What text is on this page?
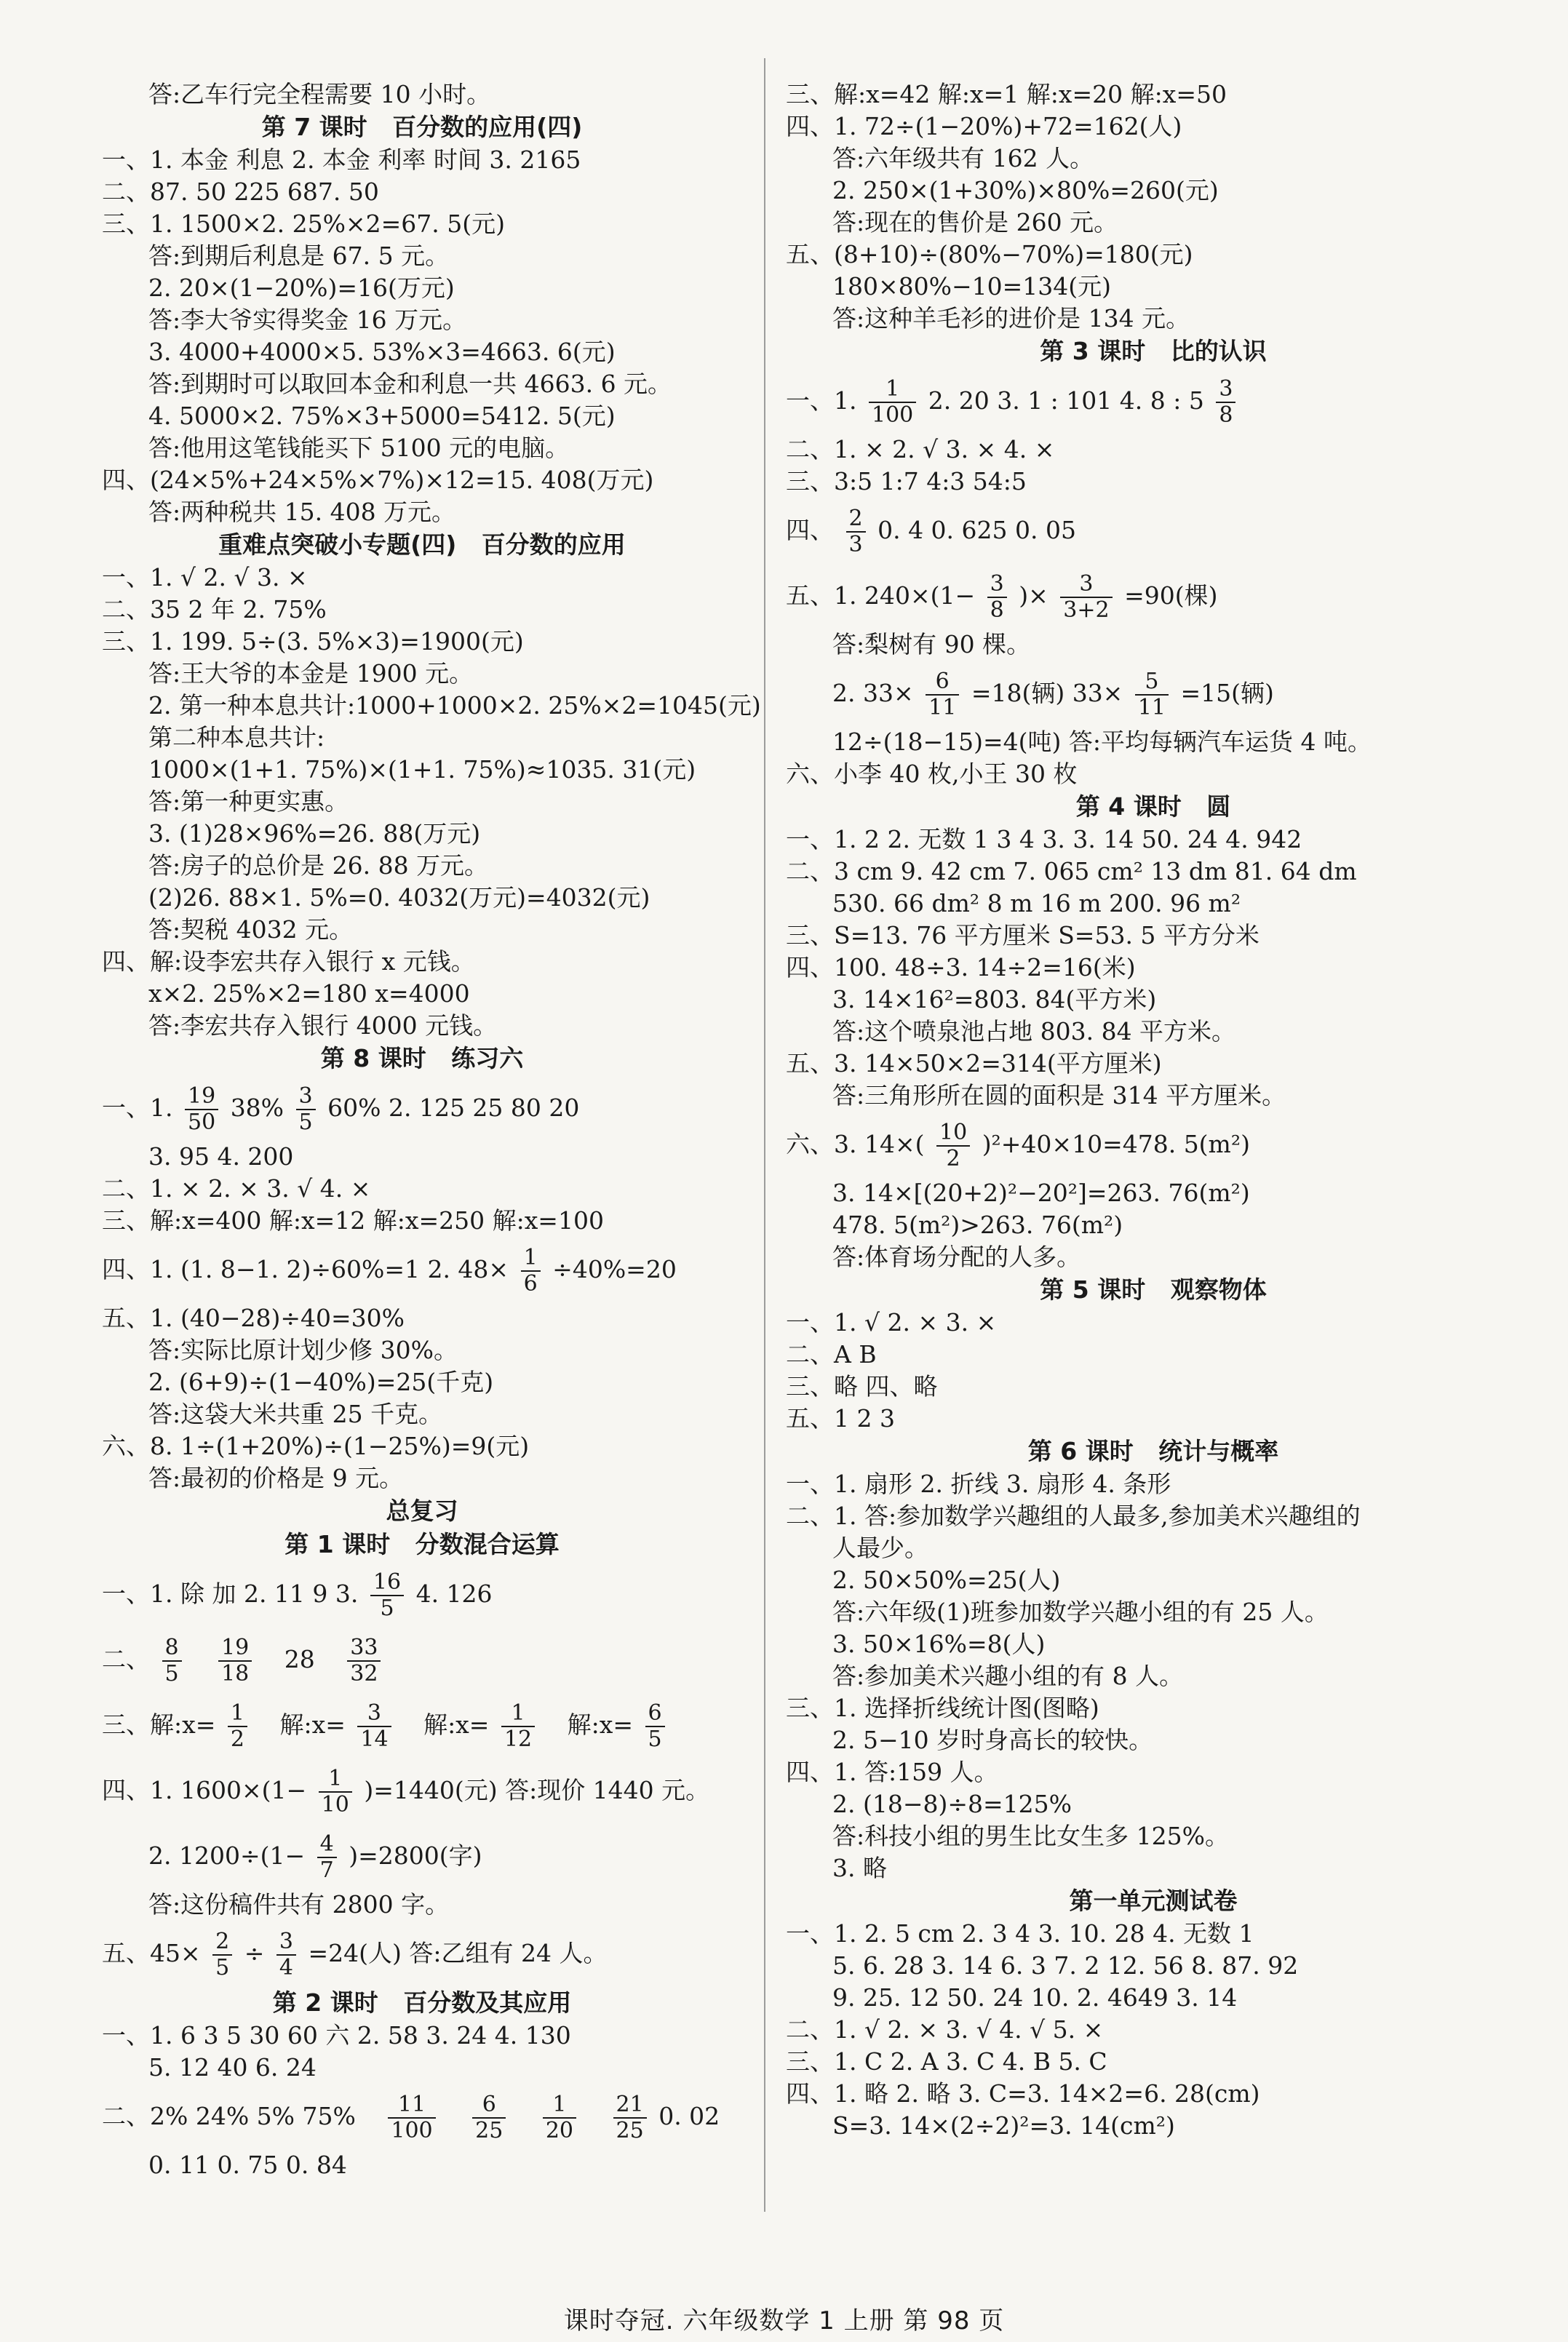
答:乙车行完全程需要 10 小时。
第 7 课时   百分数的应用(四)
一、1. 本金 利息 2. 本金 利率 时间 3. 2165
二、87. 50 225 687. 50
三、1. 1500×2. 25%×2=67. 5(元)
答:到期后利息是 67. 5 元。
2. 20×(1−20%)=16(万元)
答:李大爷实得奖金 16 万元。
3. 4000+4000×5. 53%×3=4663. 6(元)
答:到期时可以取回本金和利息一共 4663. 6 元。
4. 5000×2. 75%×3+5000=5412. 5(元)
答:他用这笔钱能买下 5100 元的电脑。
四、(24×5%+24×5%×7%)×12=15. 408(万元)
答:两种税共 15. 408 万元。
重难点突破小专题(四)   百分数的应用
一、1. √ 2. √ 3. ×
二、35 2 年 2. 75%
三、1. 199. 5÷(3. 5%×3)=1900(元)
答:王大爷的本金是 1900 元。
2. 第一种本息共计:1000+1000×2. 25%×2=1045(元)
第二种本息共计:
1000×(1+1. 75%)×(1+1. 75%)≈1035. 31(元)
答:第一种更实惠。
3. (1)28×96%=26. 88(万元)
答:房子的总价是 26. 88 万元。
(2)26. 88×1. 5%=0. 4032(万元)=4032(元)
答:契税 4032 元。
四、解:设李宏共存入银行 x 元钱。
x×2. 25%×2=180 x=4000
答:李宏共存入银行 4000 元钱。
第 8 课时   练习六
一、1. $\frac{19}{50} 38\% \frac{3}{5} 60\%$ 2. 125 25 80 20
3. 95 4. 200
二、1. × 2. × 3. √ 4. ×
三、解:x=400 解:x=12 解:x=250 解:x=100
四、1. (1. 8−1. 2)÷60%=1 2. $48\times \frac{1}{6} \div 40\%=20$
五、1. (40−28)÷40=30%
答:实际比原计划少修 30%。
2. (6+9)÷(1−40%)=25(千克)
答:这袋大米共重 25 千克。
六、8. 1÷(1+20%)÷(1−25%)=9(元)
答:最初的价格是 9 元。
总复习
第 1 课时   分数混合运算
一、1. 除 加 2. 11 9 3. $\frac{16}{5} 4$. 126
二、 $\frac{8}{5}$
$\frac{19}{18} 28 \frac{33}{32}$
三、解:x= $\frac{1}{2}$ 解:x= $\frac{3}{14}$ 解:x= $\frac{1}{12}$ 解:x= $\frac{6}{5}$
四、1. $1600\times(1- \frac{1}{10} )=1440$(元) 答:现价 1440 元。
2. $1200\div(1- \frac{4}{7} )=2800$(字)
答:这份稿件共有 2800 字。
五、$45\times \frac{2}{5} \div \frac{3}{4} =24$(人) 答:乙组有 24 人。
第 2 课时   百分数及其应用
一、1. 6 3 5 30 60 六 2. 58 3. 24 4. 130
5. 12 40 6. 24
二、2% 24% 5% $75\% \frac{11}{100}$
$\frac{6}{25}$
$\frac{1}{20}$
$\frac{21}{25} 0$. 02
0. 11 0. 75 0. 84
三、解:x=42 解:x=1 解:x=20 解:x=50
四、1. 72÷(1−20%)+72=162(人)
答:六年级共有 162 人。
2. 250×(1+30%)×80%=260(元)
答:现在的售价是 260 元。
五、(8+10)÷(80%−70%)=180(元)
180×80%−10=134(元)
答:这种羊毛衫的进价是 134 元。
第 3 课时   比的认识
一、1. $\frac{1}{100} 2$. 20 3. 1 : 101 4. 8 : $5 \frac{3}{8}$
二、1. × 2. √ 3. × 4. ×
三、3:5 1:7 4:3 54:5
四、 $\frac{2}{3} 0$. 4 0. 625 0. 05
五、1. $240\times(1- \frac{3}{8}$ )× $\frac{3}{3+2} =90$(棵)
答:梨树有 90 棵。
2. $33\times \frac{6}{11} =18$(辆) $33\times \frac{5}{11} =15$(辆)
12÷(18−15)=4(吨) 答:平均每辆汽车运货 4 吨。
六、小李 40 枚,小王 30 枚
第 4 课时   圆
一、1. 2 2. 无数 1 3 4 3. 3. 14 50. 24 4. 942
二、3 cm 9. 42 cm 7. 065 cm² 13 dm 81. 64 dm
530. 66 dm² 8 m 16 m 200. 96 m²
三、S=13. 76 平方厘米 S=53. 5 平方分米
四、100. 48÷3. 14÷2=16(米)
3. 14×16²=803. 84(平方米)
答:这个喷泉池占地 803. 84 平方米。
五、3. 14×50×2=314(平方厘米)
答:三角形所在圆的面积是 314 平方厘米。
六、3. $14\times( \frac{10}{2} )^2+40\times 10=478$. 5(m²)
3. 14×[(20+2)²−20²]=263. 76(m²)
478. 5(m²)>263. 76(m²)
答:体育场分配的人多。
第 5 课时   观察物体
一、1. √ 2. × 3. ×
二、A B
三、略 四、略
五、1 2 3
第 6 课时   统计与概率
一、1. 扇形 2. 折线 3. 扇形 4. 条形
二、1. 答:参加数学兴趣组的人最多,参加美术兴趣组的
人最少。
2. 50×50%=25(人)
答:六年级(1)班参加数学兴趣小组的有 25 人。
3. 50×16%=8(人)
答:参加美术兴趣小组的有 8 人。
三、1. 选择折线统计图(图略)
2. 5−10 岁时身高长的较快。
四、1. 答:159 人。
2. (18−8)÷8=125%
答:科技小组的男生比女生多 125%。
3. 略
第一单元测试卷
一、1. 2. 5 cm 2. 3 4 3. 10. 28 4. 无数 1
5. 6. 28 3. 14 6. 3 7. 2 12. 56 8. 87. 92
9. 25. 12 50. 24 10. 2. 4649 3. 14
二、1. √ 2. × 3. √ 4. √ 5. ×
三、1. C 2. A 3. C 4. B 5. C
四、1. 略 2. 略 3. C=3. 14×2=6. 28(cm)
S=3. 14×(2÷2)²=3. 14(cm²)
课时夺冠. 六年级数学 1 上册 第 98 页
